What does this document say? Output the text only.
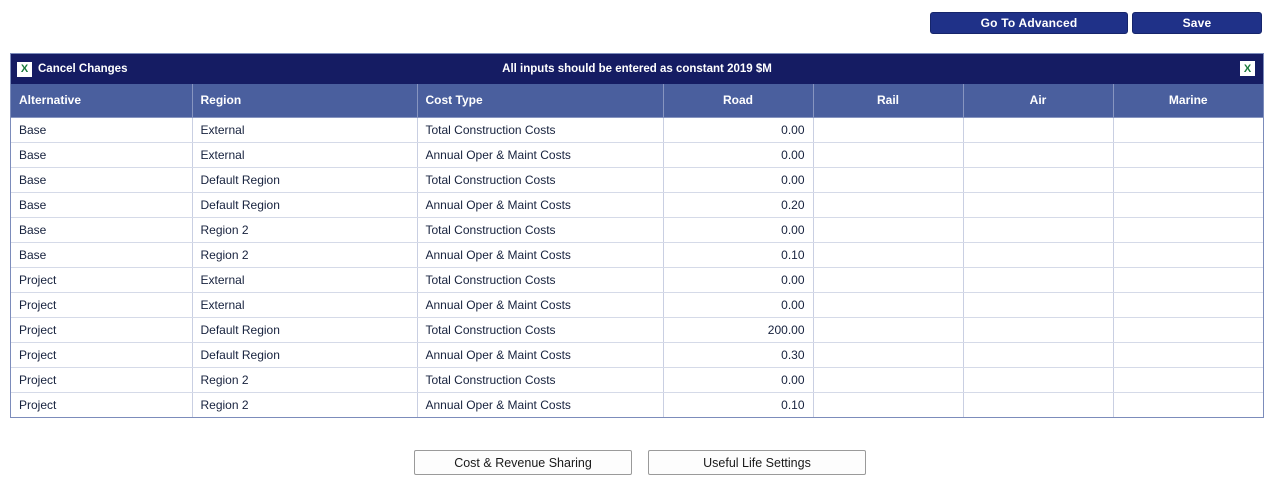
Go To Advanced	Save
X Cancel Changes	All inputs should be entered as constant 2019 $M	X
Alternative	Region	Cost Type	Road	Rail	Air	Marine
Base	External	Total Construction Costs	0.00			
Base	External	Annual Oper & Maint Costs	0.00			
Base	Default Region	Total Construction Costs	0.00			
Base	Default Region	Annual Oper & Maint Costs	0.20			
Base	Region 2	Total Construction Costs	0.00			
Base	Region 2	Annual Oper & Maint Costs	0.10			
Project	External	Total Construction Costs	0.00			
Project	External	Annual Oper & Maint Costs	0.00			
Project	Default Region	Total Construction Costs	200.00			
Project	Default Region	Annual Oper & Maint Costs	0.30			
Project	Region 2	Total Construction Costs	0.00			
Project	Region 2	Annual Oper & Maint Costs	0.10			
Cost & Revenue Sharing	Useful Life Settings
